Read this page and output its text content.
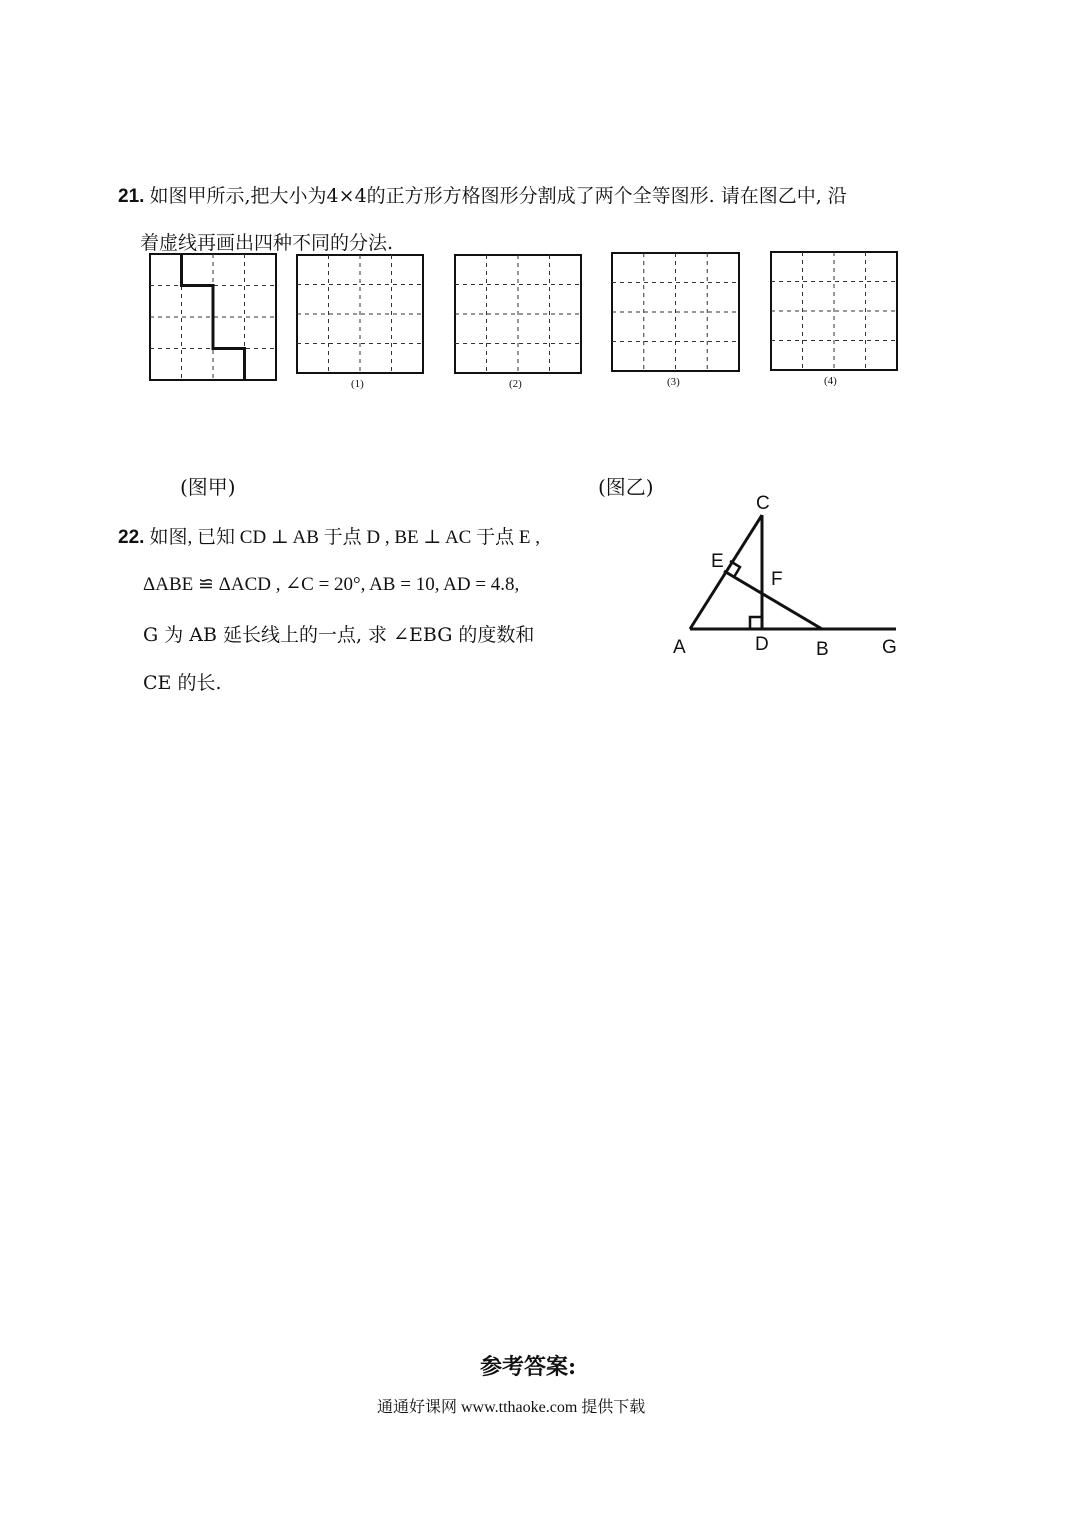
21. 如图甲所示,把大小为4×4的正方形方格图形分割成了两个全等图形. 请在图乙中, 沿
着虚线再画出四种不同的分法.
(1)	(2)	(3)	(4)
(图甲)	(图乙)
22. 如图, 已知 CD ⊥ AB 于点 D , BE ⊥ AC 于点 E ,
ΔABE ≌ ΔACD , ∠C = 20°, AB = 10, AD = 4.8,
G 为 AB 延长线上的一点, 求 ∠EBG 的度数和
CE 的长.
C
E
F
A	D B	G
参考答案:
通通好课网 www.tthaoke.com 提供下载
